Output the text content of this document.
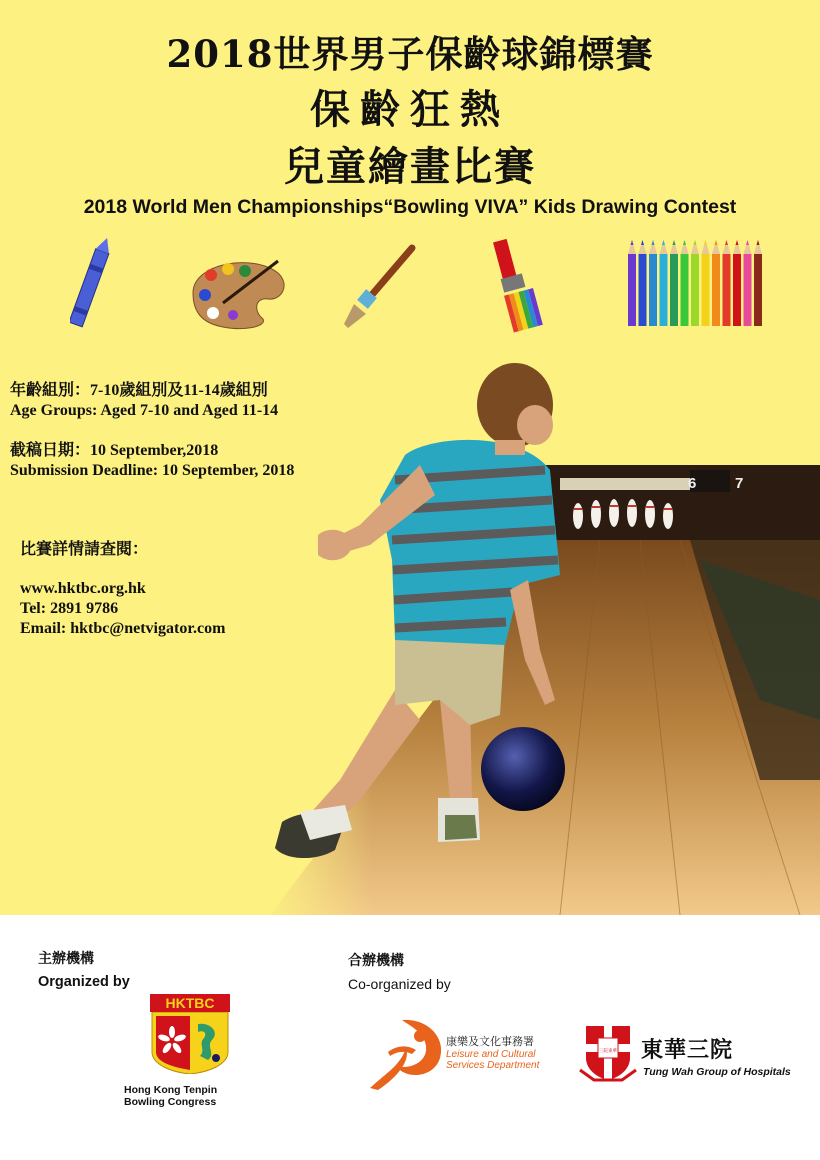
6	7
2018世界男子保齡球錦標賽
保齡狂熱
兒童繪畫比賽
2018 World Men Championships“Bowling VIVA” Kids Drawing Contest
年齡組別：7-10歲組別及11-14歲組別
Age Groups: Aged 7-10 and Aged 11-14
截稿日期：10 September,2018
Submission Deadline: 10 September, 2018
比賽詳情請查閱：
www.hktbc.org.hk
Tel: 2891 9786
Email: hktbc@netvigator.com
主辦機構
Organized by
合辦機構
Co-organized by
HKTBC
Hong Kong Tenpin
Bowling Congress
康樂及文化事務署
Leisure and Cultural
Services Department
三院東華 東華三院
Tung Wah Group of Hospitals
